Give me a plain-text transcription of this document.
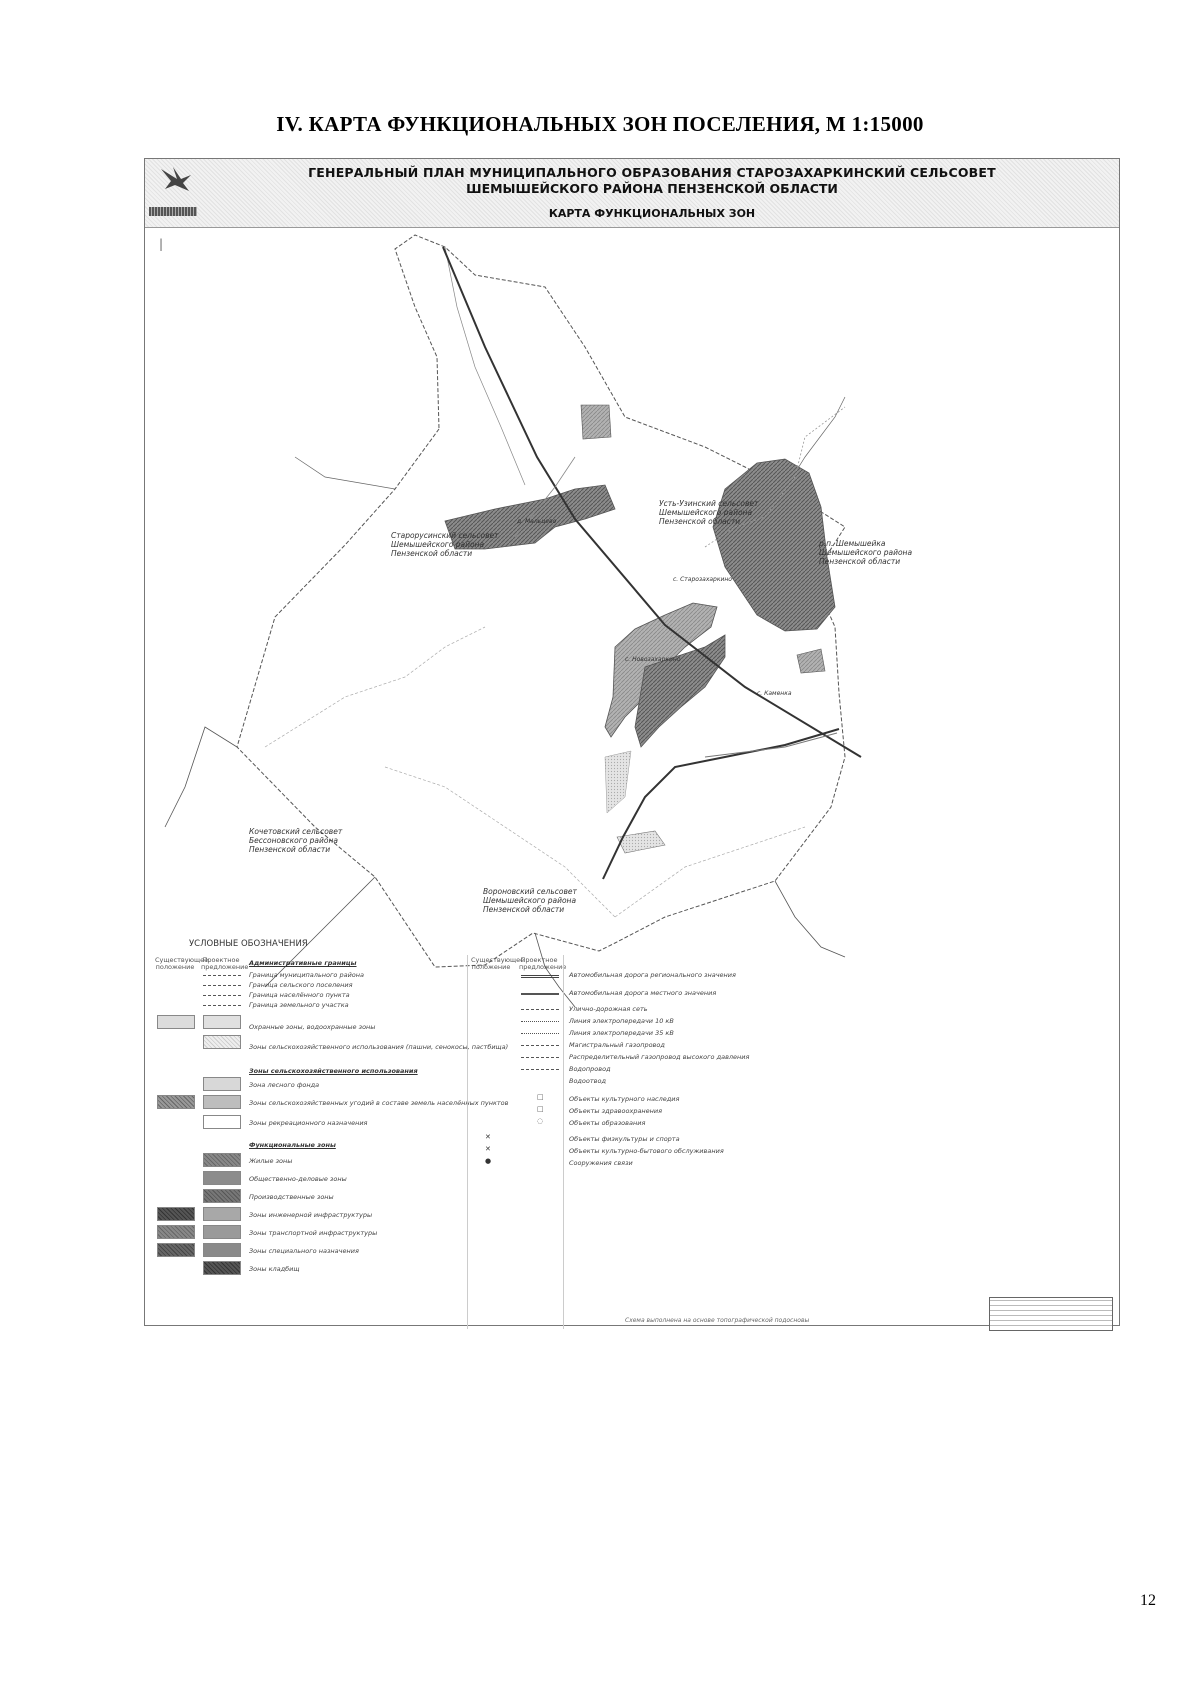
IV. КАРТА ФУНКЦИОНАЛЬНЫХ ЗОН ПОСЕЛЕНИЯ, М 1:15000
ГЕНЕРАЛЬНЫЙ ПЛАН МУНИЦИПАЛЬНОГО ОБРАЗОВАНИЯ СТАРОЗАХАРКИНСКИЙ СЕЛЬСОВЕТ
ШЕМЫШЕЙСКОГО РАЙОНА ПЕНЗЕНСКОЙ ОБЛАСТИ
КАРТА ФУНКЦИОНАЛЬНЫХ ЗОН
|
Усть-Узинский сельсовет
Шемышейского района
Пензенской области
Старорусинский сельсовет
Шемышейского района
Пензенской области
р.п. Шемышейка
Шемышейского района
Пензенской области
Кочетовский сельсовет
Бессоновского района
Пензенской области
Вороновский сельсовет
Шемышейского района
Пензенской области
с. Старозахаркино
с. Новозахаркино
д. Мальцево
с. Каменка
УСЛОВНЫЕ ОБОЗНАЧЕНИЯ
Существующее положение
Проектное предложение
Существующее положение
Проектное предложение
Административные границы
Граница муниципального района
Граница сельского поселения
Граница населённого пункта
Граница земельного участка
Охранные зоны, водоохранные зоны
Зоны сельскохозяйственного использования (пашни, сенокосы, пастбища)
Зоны сельскохозяйственного использования
Зона лесного фонда
Зоны сельскохозяйственных угодий в составе земель населённых пунктов
Зоны рекреационного назначения
Функциональные зоны
Жилые зоны
Общественно-деловые зоны
Производственные зоны
Зоны инженерной инфраструктуры
Зоны транспортной инфраструктуры
Зоны специального назначения
Зоны кладбищ
Автомобильная дорога регионального значения
Автомобильная дорога местного значения
Улично-дорожная сеть
Линия электропередачи 10 кВ
Линия электропередачи 35 кВ
Магистральный газопровод
Распределительный газопровод высокого давления
Водопровод
Водоотвод
Объекты культурного наследия
Объекты здравоохранения
Объекты образования
Объекты физкультуры и спорта
Объекты культурно-бытового обслуживания
Сооружения связи
□
□
◌
✕
✕
●
Схема выполнена на основе топографической подосновы
12
